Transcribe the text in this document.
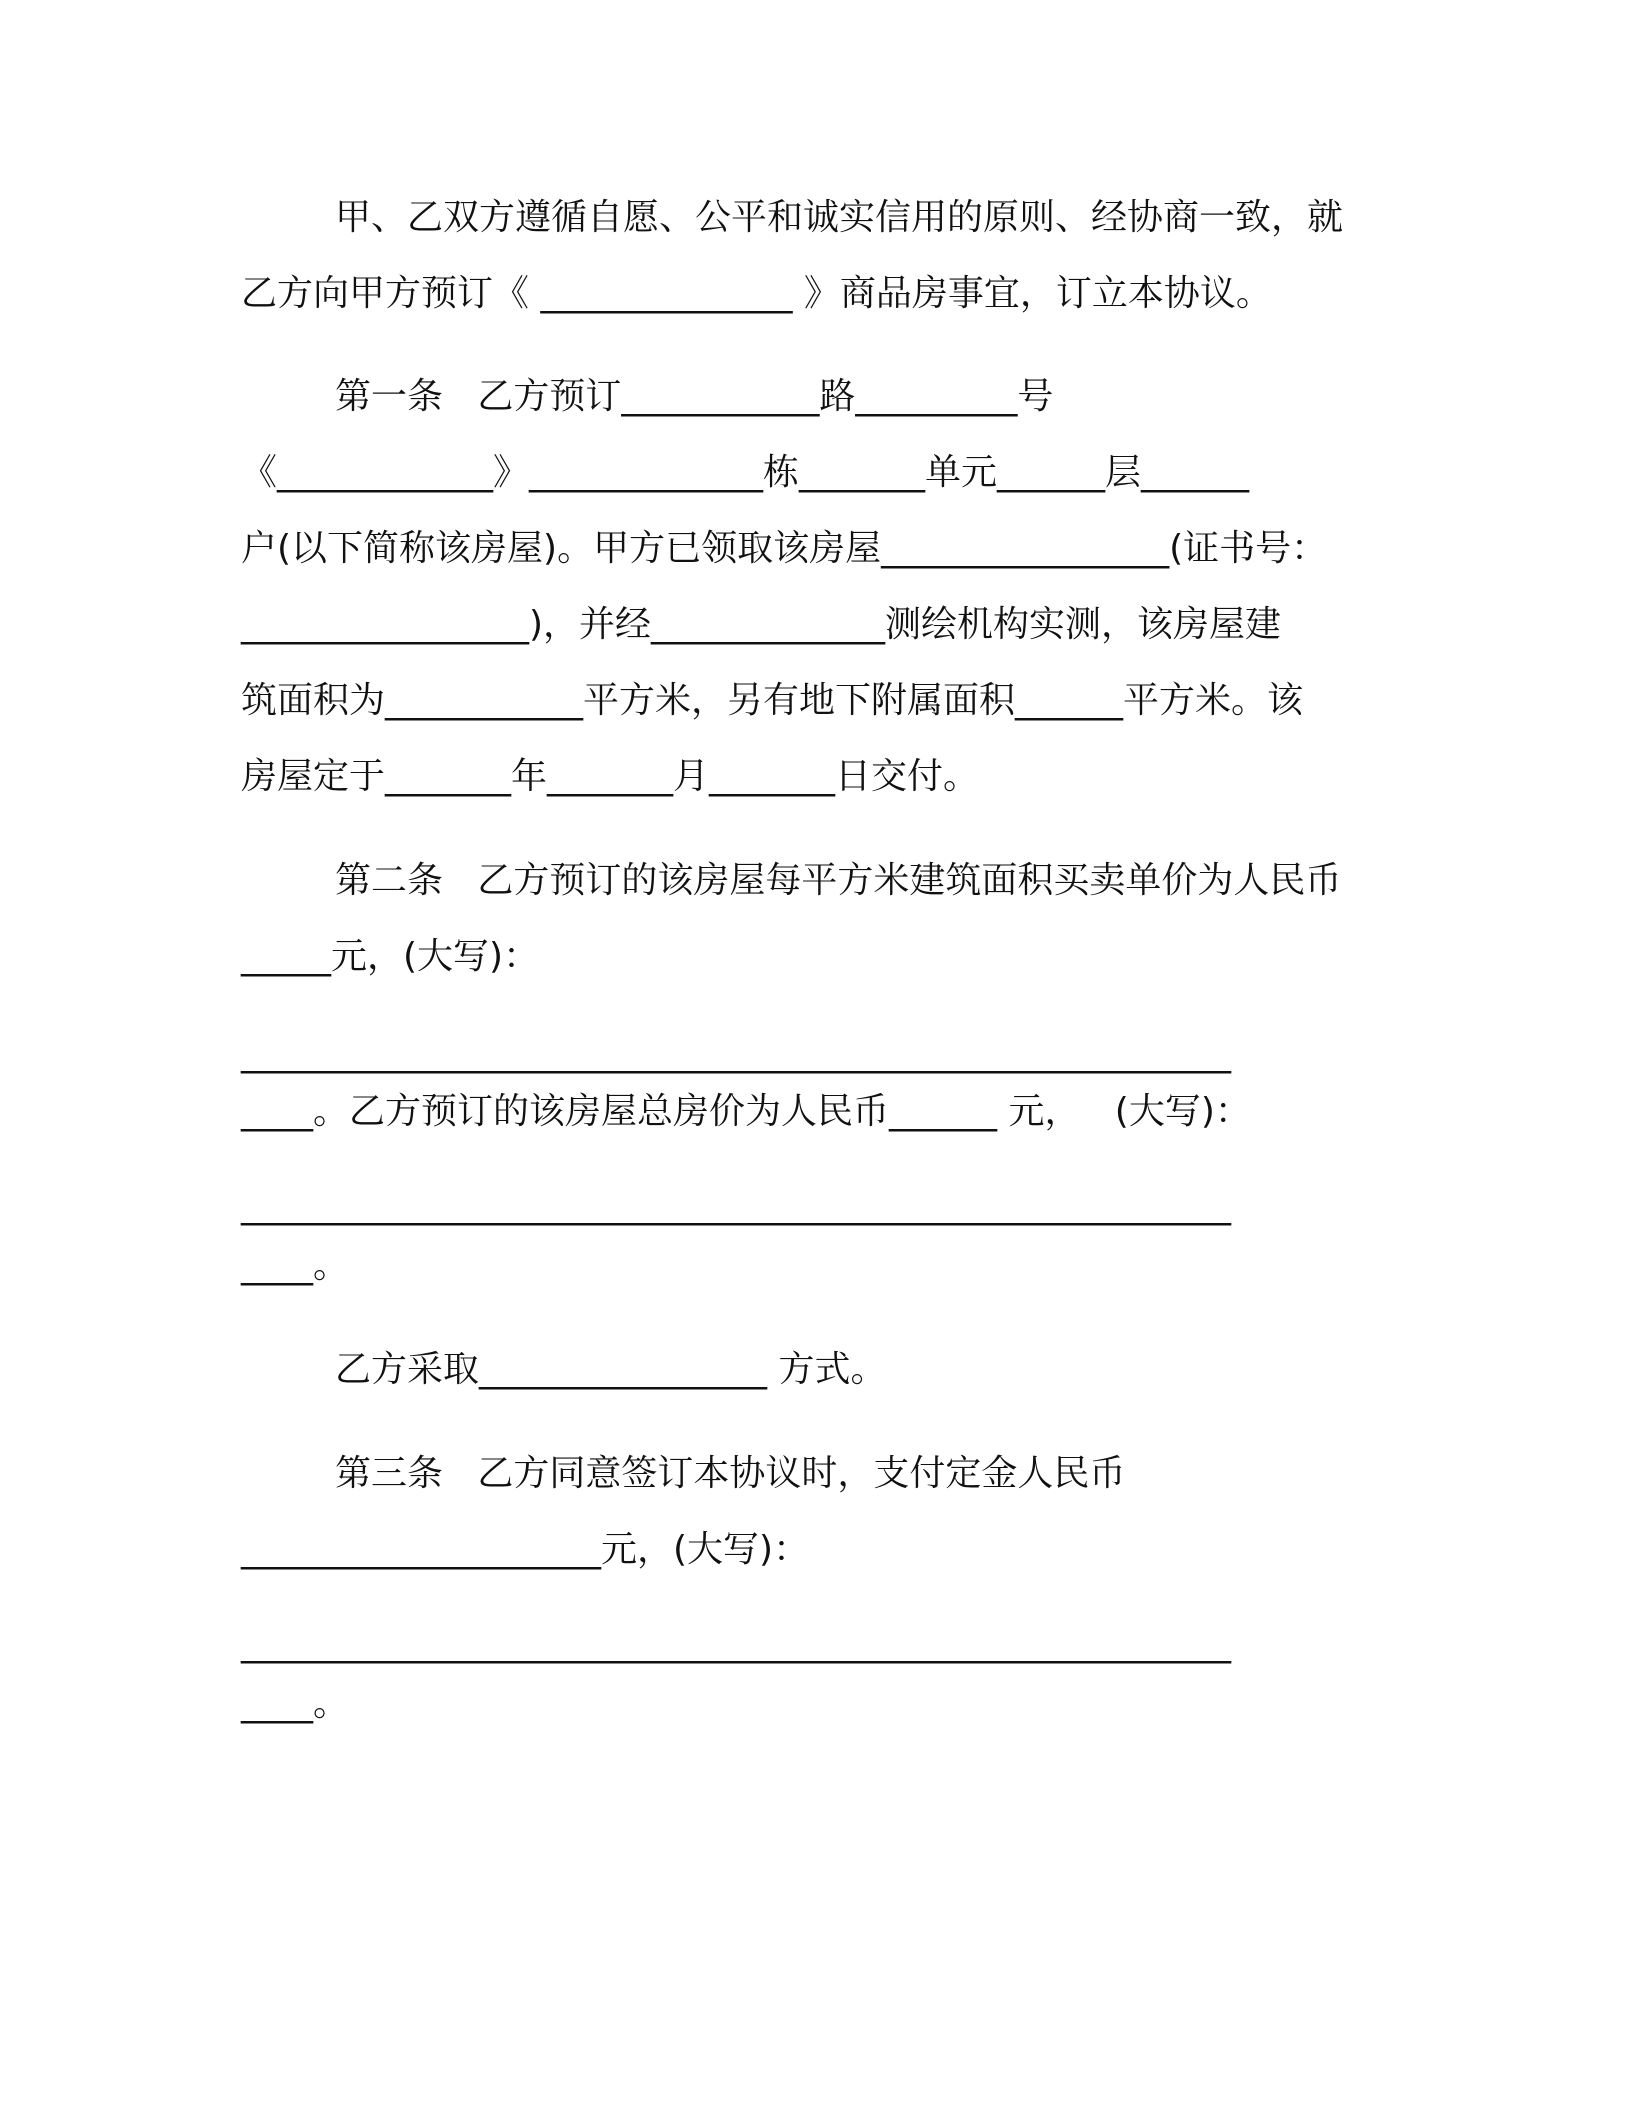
甲、乙双方遵循自愿、公平和诚实信用的原则、经协商一致，就
乙方向甲方预订《 ______________ 》商品房事宜，订立本协议。
第一条   乙方预订___________路_________号
《____________》_____________栋_______单元______层______
户(以下简称该房屋)。甲方已领取该房屋________________(证书号：
________________)，并经_____________测绘机构实测，该房屋建
筑面积为___________平方米，另有地下附属面积______平方米。该
房屋定于_______年_______月_______日交付。
第二条   乙方预订的该房屋每平方米建筑面积买卖单价为人民币
_____元，(大写)：
_______________________________________________________
____。乙方预订的该房屋总房价为人民币______ 元，   (大写)：
_______________________________________________________
____。
乙方采取________________ 方式。
第三条   乙方同意签订本协议时，支付定金人民币
____________________元，(大写)：
_______________________________________________________
____。
